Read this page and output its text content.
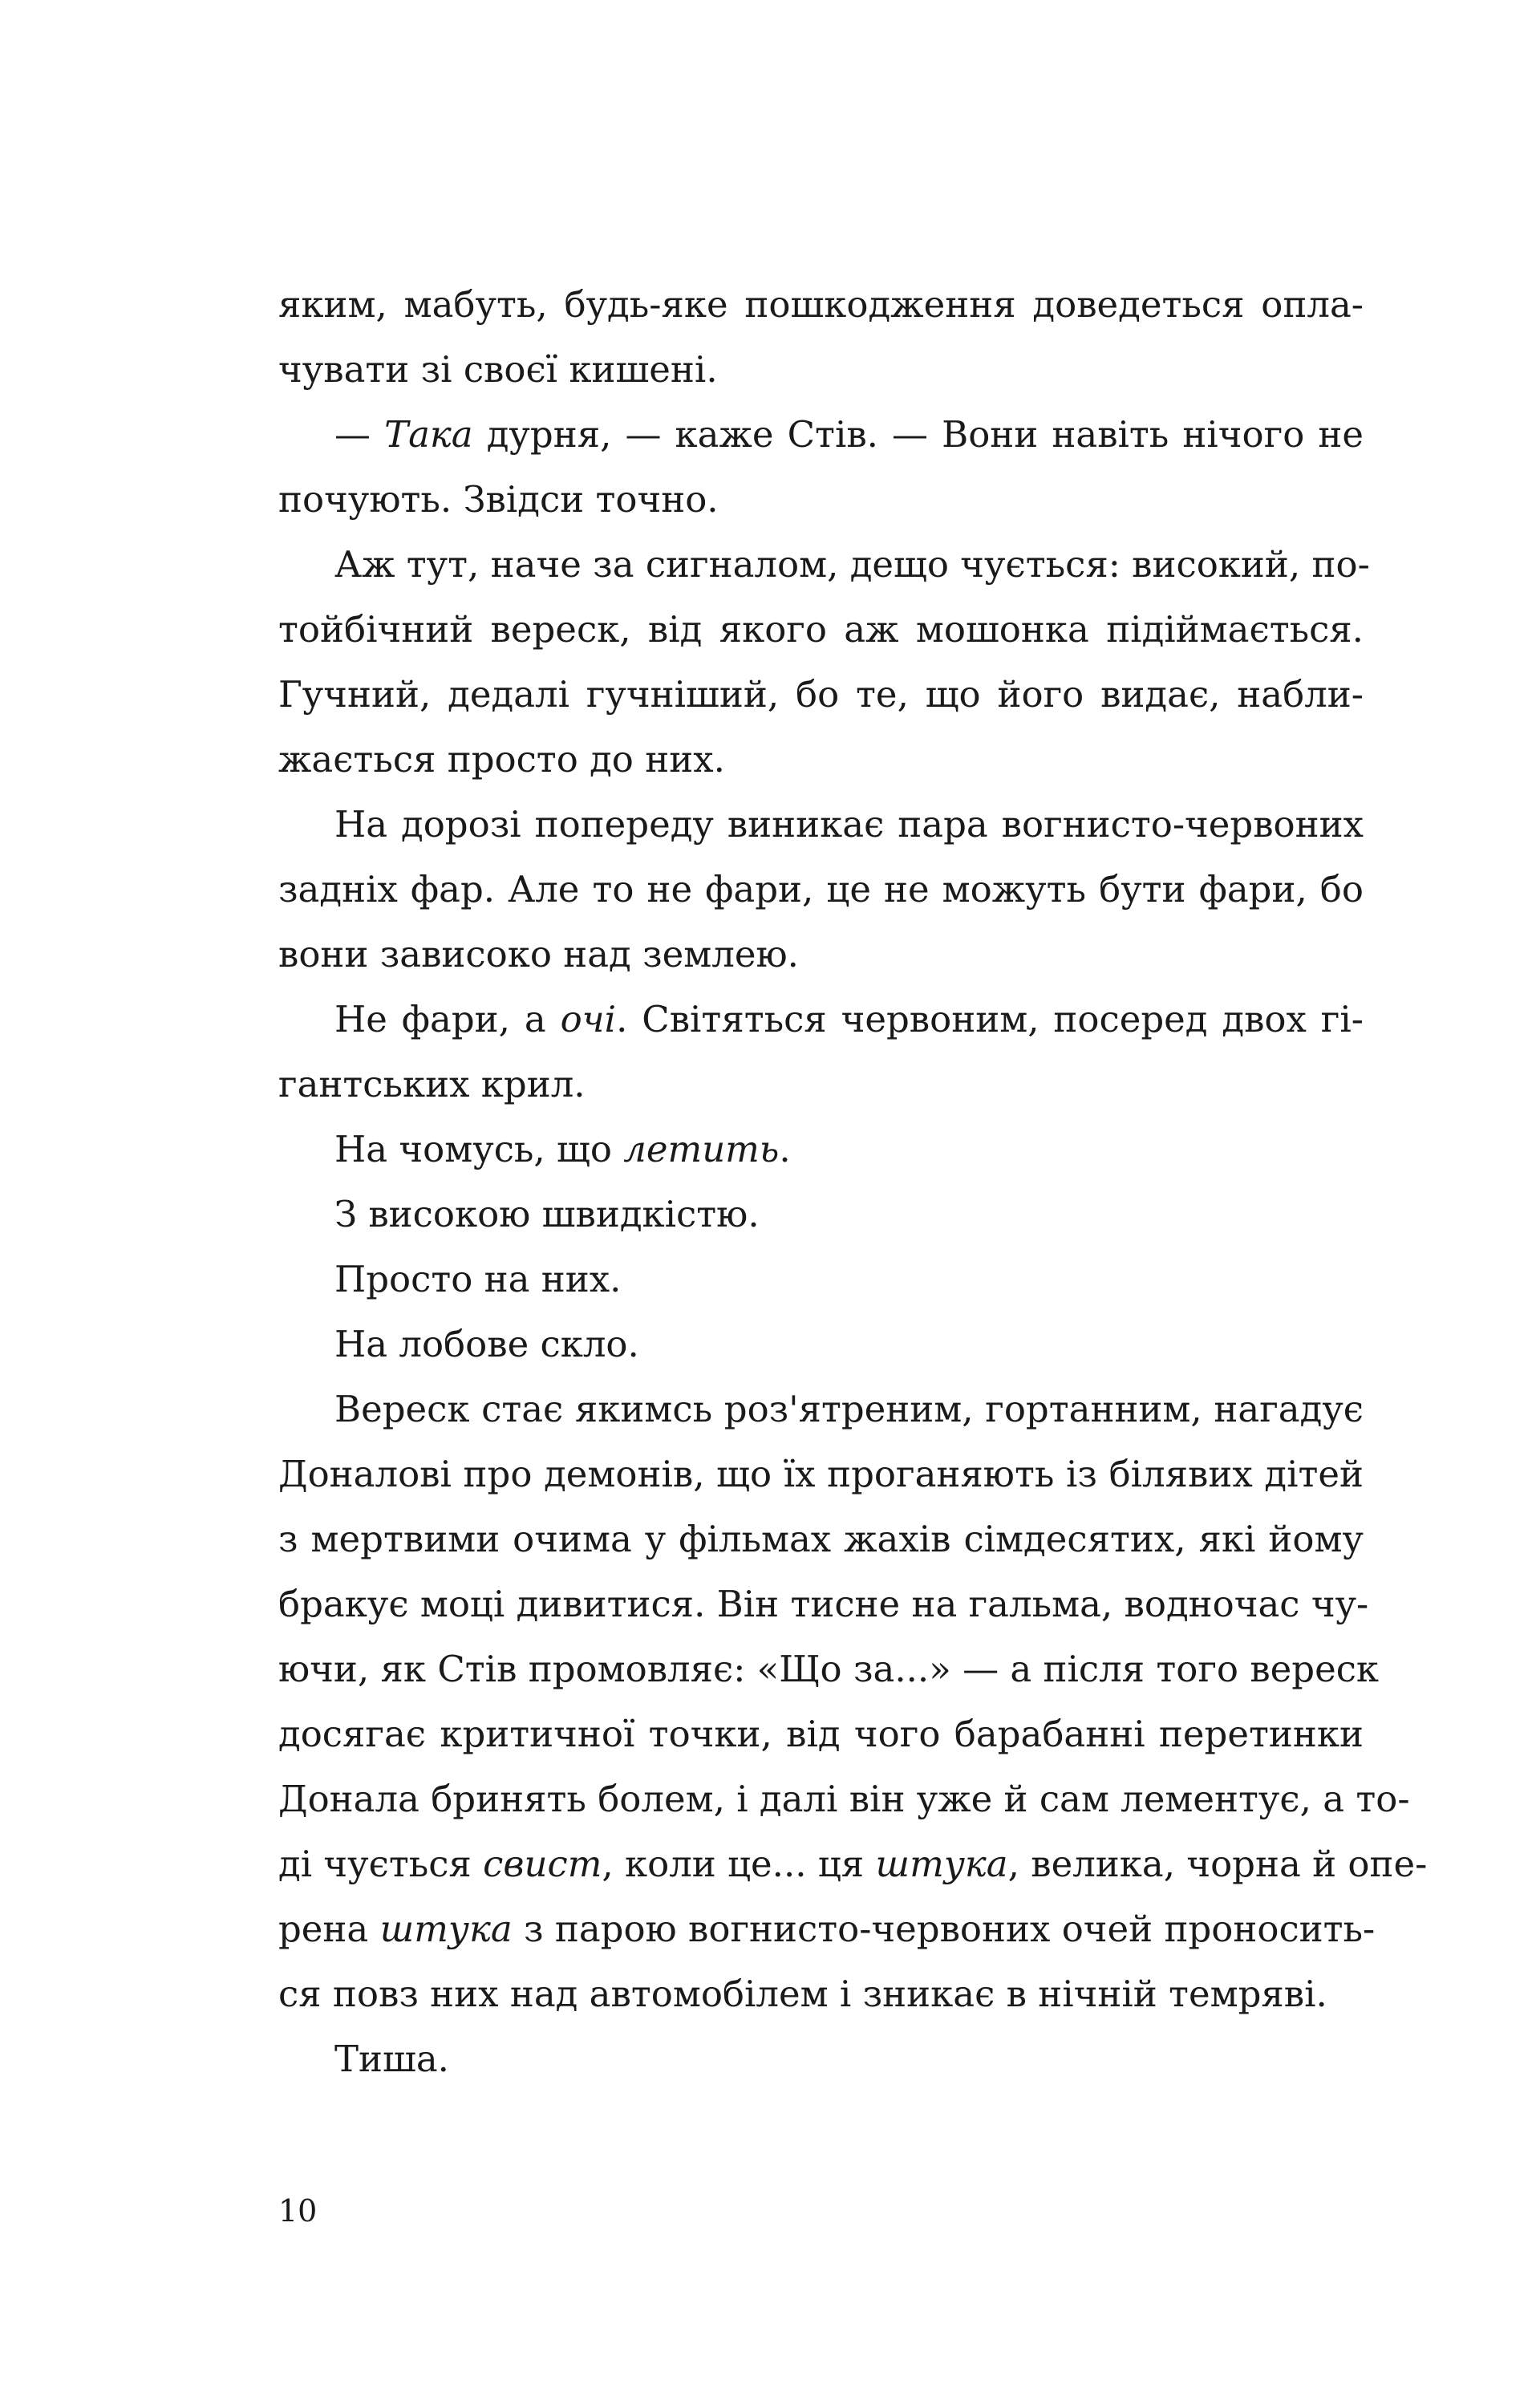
яким, мабуть, будь-яке пошкодження доведеться опла-
чувати зі своєї кишені.
— Така дурня, — каже Стів. — Вони навіть нічого не
почують. Звідси точно.
Аж тут, наче за сигналом, дещо чується: високий, по-
тойбічний вереск, від якого аж мошонка підіймається.
Гучний, дедалі гучніший, бо те, що його видає, набли-
жається просто до них.
На дорозі попереду виникає пара вогнисто-червоних
задніх фар. Але то не фари, це не можуть бути фари, бо
вони зависоко над землею.
Не фари, а очі. Світяться червоним, посеред двох гі-
гантських крил.
На чомусь, що летить.
З високою швидкістю.
Просто на них.
На лобове скло.
Вереск стає якимсь роз'ятреним, гортанним, нагадує
Доналові про демонів, що їх проганяють із білявих дітей
з мертвими очима у фільмах жахів сімдесятих, які йому
бракує моці дивитися. Він тисне на гальма, водночас чу-
ючи, як Стів промовляє: «Що за...» — а після того вереск
досягає критичної точки, від чого барабанні перетинки
Донала бринять болем, і далі він уже й сам лементує, а то-
ді чується свист, коли це... ця штука, велика, чорна й опе-
рена штука з парою вогнисто-червоних очей проносить-
ся повз них над автомобілем і зникає в нічній темряві.
Тиша.
10
